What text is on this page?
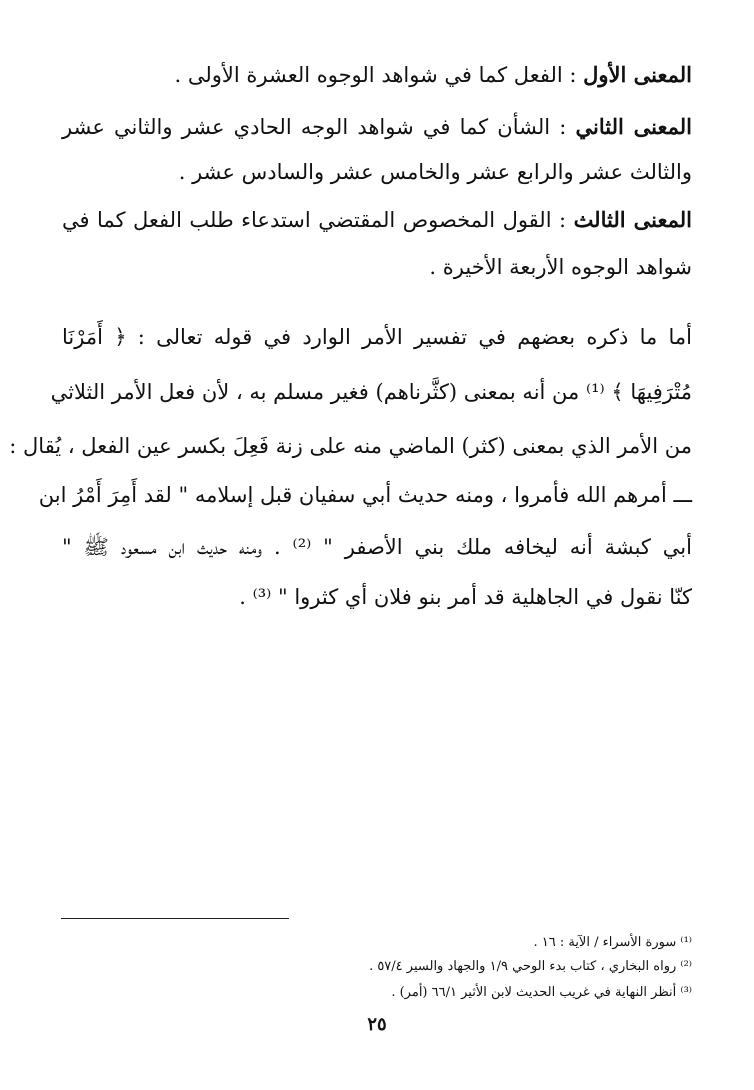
المعنى الأول : الفعل كما في شواهد الوجوه العشرة الأولى .
المعنى الثاني : الشأن كما في شواهد الوجه الحادي عشر والثاني عشر
والثالث عشر والرابع عشر والخامس عشر والسادس عشر .
المعنى الثالث : القول المخصوص المقتضي استدعاء طلب الفعل كما في
شواهد الوجوه الأربعة الأخيرة .
أما ما ذكره بعضهم في تفسير الأمر الوارد في قوله تعالى : ﴿ أَمَرْنَا
مُتْرَفِيهَا ﴾ ⁽¹⁾ من أنه بمعنى (كثَّرناهم) فغير مسلم به ، لأن فعل الأمر الثلاثي
من الأمر الذي بمعنى (كثر) الماضي منه على زنة فَعِلَ بكسر عين الفعل ، يُقال :
ـــ أمرهم الله فأمروا ، ومنه حديث أبي سفيان قبل إسلامه " لقد أَمِرَ أَمْرُ ابن
أبي كبشة أنه ليخافه ملك بني الأصفر " ⁽²⁾ . ومنه حديث ابن مسعود ﷺ "
كنّا نقول في الجاهلية قد أمر بنو فلان أي كثروا " ⁽³⁾ .
⁽¹⁾ سورة الأسراء / الآية : ١٦ .
⁽²⁾ رواه البخاري ، كتاب بدء الوحي ١/٩ والجهاد والسير ٥٧/٤ .
⁽³⁾ أنظر النهاية في غريب الحديث لابن الأثير ٦٦/١ (أمر) .
٢٥
